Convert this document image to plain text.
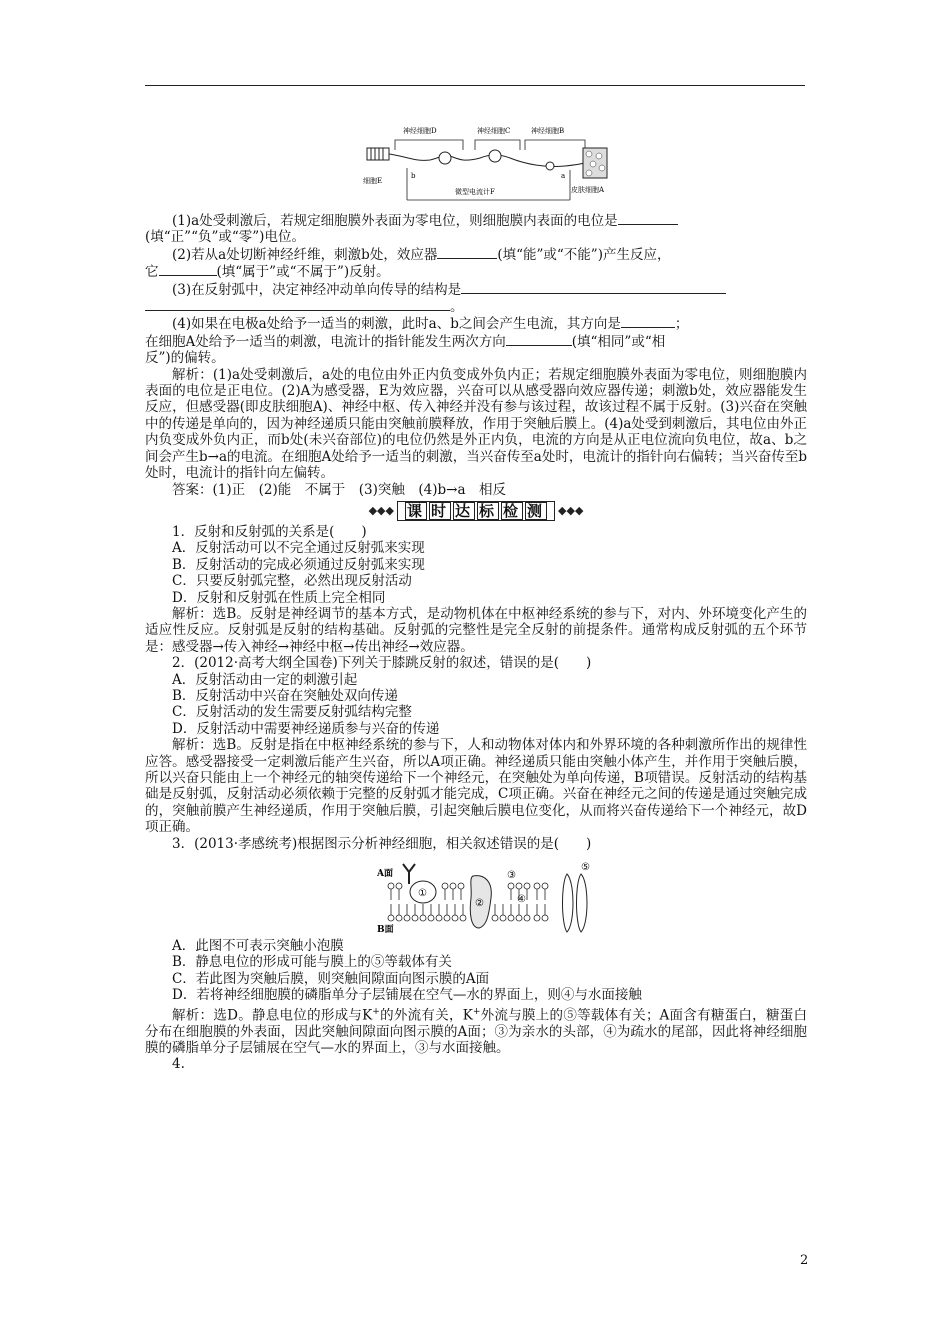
细胞E
神经细胞D	神经细胞C	神经细胞B
皮肤细胞A
b	a
微型电流计F

(1)a处受刺激后，若规定细胞膜外表面为零电位，则细胞膜内表面的电位是

(填“正”“负”或“零”)电位。

(2)若从a处切断神经纤维，刺激b处，效应器	(填“能”或“不能”)产生反应，

它	(填“属于”或“不属于”)反射。

(3)在反射弧中，决定神经冲动单向传导的结构是

。

(4)如果在电极a处给予一适当的刺激，此时a、b之间会产生电流，其方向是	；

在细胞A处给予一适当的刺激，电流计的指针能发生两次方向	(填“相同”或“相

反”)的偏转。

解析：(1)a处受刺激后，a处的电位由外正内负变成外负内正；若规定细胞膜外表面为零电位，则细胞膜内表面的电位是正电位。(2)A为感受器，E为效应器，兴奋可以从感受器向效应器传递；刺激b处，效应器能发生反应，但感受器(即皮肤细胞A)、神经中枢、传入神经并没有参与该过程，故该过程不属于反射。(3)兴奋在突触中的传递是单向的，因为神经递质只能由突触前膜释放，作用于突触后膜上。(4)a处受到刺激后，其电位由外正内负变成外负内正，而b处(未兴奋部位)的电位仍然是外正内负，电流的方向是从正电位流向负电位，故a、b之间会产生b→a的电流。在细胞A处给予一适当的刺激，当兴奋传至a处时，电流计的指针向右偏转；当兴奋传至b处时，电流计的指针向左偏转。

答案：(1)正　(2)能　不属于　(3)突触　(4)b→a　相反

◆◆◆ 课 时 达 标 检 测	◆◆◆

1．反射和反射弧的关系是(　　)

A．反射活动可以不完全通过反射弧来实现

B．反射活动的完成必须通过反射弧来实现

C．只要反射弧完整，必然出现反射活动

D．反射和反射弧在性质上完全相同

解析：选B。反射是神经调节的基本方式，是动物机体在中枢神经系统的参与下，对内、外环境变化产生的适应性反应。反射弧是反射的结构基础。反射弧的完整性是完全反射的前提条件。通常构成反射弧的五个环节是：感受器→传入神经→神经中枢→传出神经→效应器。

2．(2012·高考大纲全国卷)下列关于膝跳反射的叙述，错误的是(　　)

A．反射活动由一定的刺激引起

B．反射活动中兴奋在突触处双向传递

C．反射活动的发生需要反射弧结构完整

D．反射活动中需要神经递质参与兴奋的传递

解析：选B。反射是指在中枢神经系统的参与下，人和动物体对体内和外界环境的各种刺激所作出的规律性应答。感受器接受一定刺激后能产生兴奋，所以A项正确。神经递质只能由突触小体产生，并作用于突触后膜，所以兴奋只能由上一个神经元的轴突传递给下一个神经元，在突触处为单向传递，B项错误。反射活动的结构基础是反射弧，反射活动必须依赖于完整的反射弧才能完成，C项正确。兴奋在神经元之间的传递是通过突触完成的，突触前膜产生神经递质，作用于突触后膜，引起突触后膜电位变化，从而将兴奋传递给下一个神经元，故D项正确。

3．(2013·孝感统考)根据图示分析神经细胞，相关叙述错误的是(　　)

A面
B面
①
②
⑤
③
④

A．此图不可表示突触小泡膜

B．静息电位的形成可能与膜上的⑤等载体有关

C．若此图为突触后膜，则突触间隙面向图示膜的A面

D．若将神经细胞膜的磷脂单分子层铺展在空气—水的界面上，则④与水面接触

解析：选D。静息电位的形成与K+的外流有关，K+外流与膜上的⑤等载体有关；A面含有糖蛋白，糖蛋白分布在细胞膜的外表面，因此突触间隙面向图示膜的A面；③为亲水的头部，④为疏水的尾部，因此将神经细胞膜的磷脂单分子层铺展在空气—水的界面上，③与水面接触。

4.

2
